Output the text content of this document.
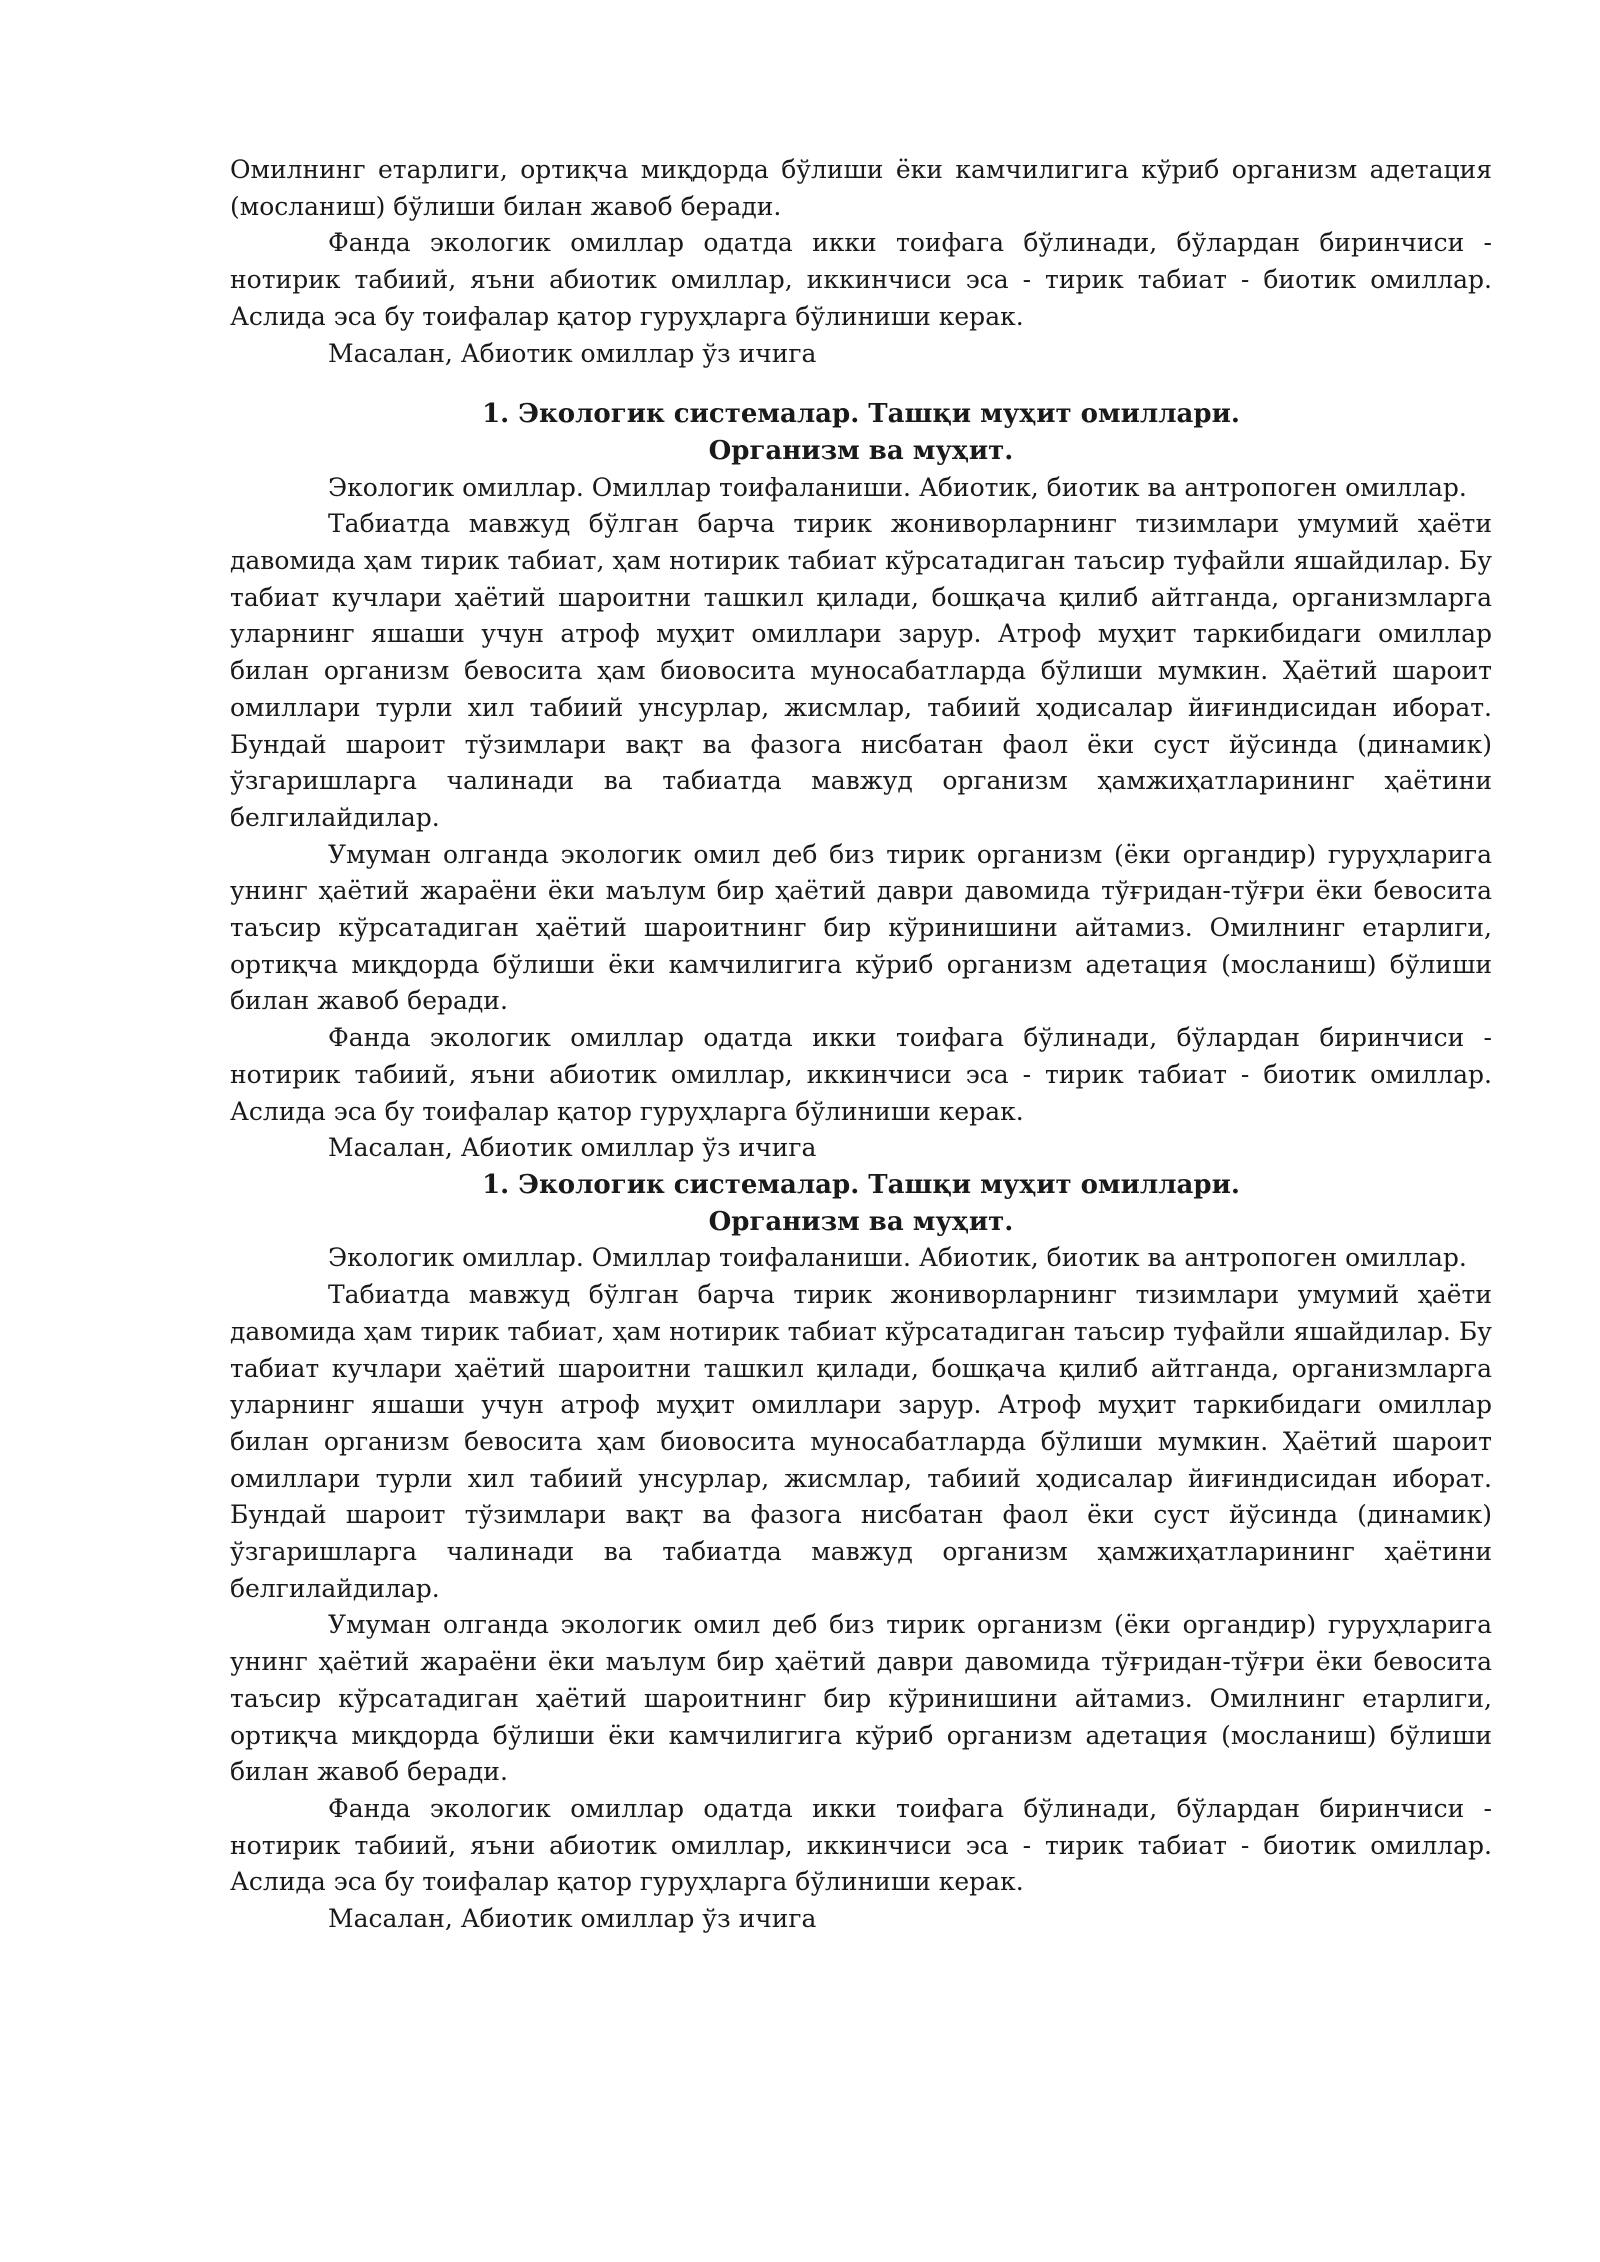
Омилнинг етарлиги, ортиқча миқдорда бўлиши ёки камчилигига кўриб организм адетация (мосланиш) бўлиши билан жавоб беради.

Фанда экологик омиллар одатда икки тоифага бўлинади, бўлардан биринчиси - нотирик табиий, яъни абиотик омиллар, иккинчиси эса - тирик табиат - биотик омиллар. Аслида эса бу тоифалар қатор гуруҳларга бўлиниши керак.

Масалан, Абиотик омиллар ўз ичига

1. Экологик системалар. Ташқи муҳит омиллари.
Организм ва муҳит.

Экологик омиллар. Омиллар тоифаланиши. Абиотик, биотик ва антропоген омиллар.

Табиатда мавжуд бўлган барча тирик жониворларнинг тизимлари умумий ҳаёти давомида ҳам тирик табиат, ҳам нотирик табиат кўрсатадиган таъсир туфайли яшайдилар. Бу табиат кучлари ҳаётий шароитни ташкил қилади, бошқача қилиб айтганда, организмларга уларнинг яшаши учун атроф муҳит омиллари зарур. Атроф муҳит таркибидаги омиллар билан организм бевосита ҳам биовосита муносабатларда бўлиши мумкин. Ҳаётий шароит омиллари турли хил табиий унсурлар, жисмлар, табиий ҳодисалар йиғиндисидан иборат. Бундай шароит тўзимлари вақт ва фазога нисбатан фаол ёки суст йўсинда (динамик) ўзгаришларга чалинади ва табиатда мавжуд организм ҳамжиҳатларининг ҳаётини белгилайдилар.

Умуман олганда экологик омил деб биз тирик организм (ёки органдир) гуруҳларига унинг ҳаётий жараёни ёки маълум бир ҳаётий даври давомида тўғридан-тўғри ёки бевосита таъсир кўрсатадиган ҳаётий шароитнинг бир кўринишини айтамиз. Омилнинг етарлиги, ортиқча миқдорда бўлиши ёки камчилигига кўриб организм адетация (мосланиш) бўлиши билан жавоб беради.

Фанда экологик омиллар одатда икки тоифага бўлинади, бўлардан биринчиси - нотирик табиий, яъни абиотик омиллар, иккинчиси эса - тирик табиат - биотик омиллар. Аслида эса бу тоифалар қатор гуруҳларга бўлиниши керак.

Масалан, Абиотик омиллар ўз ичига

1. Экологик системалар. Ташқи муҳит омиллари.
Организм ва муҳит.

Экологик омиллар. Омиллар тоифаланиши. Абиотик, биотик ва антропоген омиллар.

Табиатда мавжуд бўлган барча тирик жониворларнинг тизимлари умумий ҳаёти давомида ҳам тирик табиат, ҳам нотирик табиат кўрсатадиган таъсир туфайли яшайдилар. Бу табиат кучлари ҳаётий шароитни ташкил қилади, бошқача қилиб айтганда, организмларга уларнинг яшаши учун атроф муҳит омиллари зарур. Атроф муҳит таркибидаги омиллар билан организм бевосита ҳам биовосита муносабатларда бўлиши мумкин. Ҳаётий шароит омиллари турли хил табиий унсурлар, жисмлар, табиий ҳодисалар йиғиндисидан иборат. Бундай шароит тўзимлари вақт ва фазога нисбатан фаол ёки суст йўсинда (динамик) ўзгаришларга чалинади ва табиатда мавжуд организм ҳамжиҳатларининг ҳаётини белгилайдилар.

Умуман олганда экологик омил деб биз тирик организм (ёки органдир) гуруҳларига унинг ҳаётий жараёни ёки маълум бир ҳаётий даври давомида тўғридан-тўғри ёки бевосита таъсир кўрсатадиган ҳаётий шароитнинг бир кўринишини айтамиз. Омилнинг етарлиги, ортиқча миқдорда бўлиши ёки камчилигига кўриб организм адетация (мосланиш) бўлиши билан жавоб беради.

Фанда экологик омиллар одатда икки тоифага бўлинади, бўлардан биринчиси - нотирик табиий, яъни абиотик омиллар, иккинчиси эса - тирик табиат - биотик омиллар. Аслида эса бу тоифалар қатор гуруҳларга бўлиниши керак.

Масалан, Абиотик омиллар ўз ичига
